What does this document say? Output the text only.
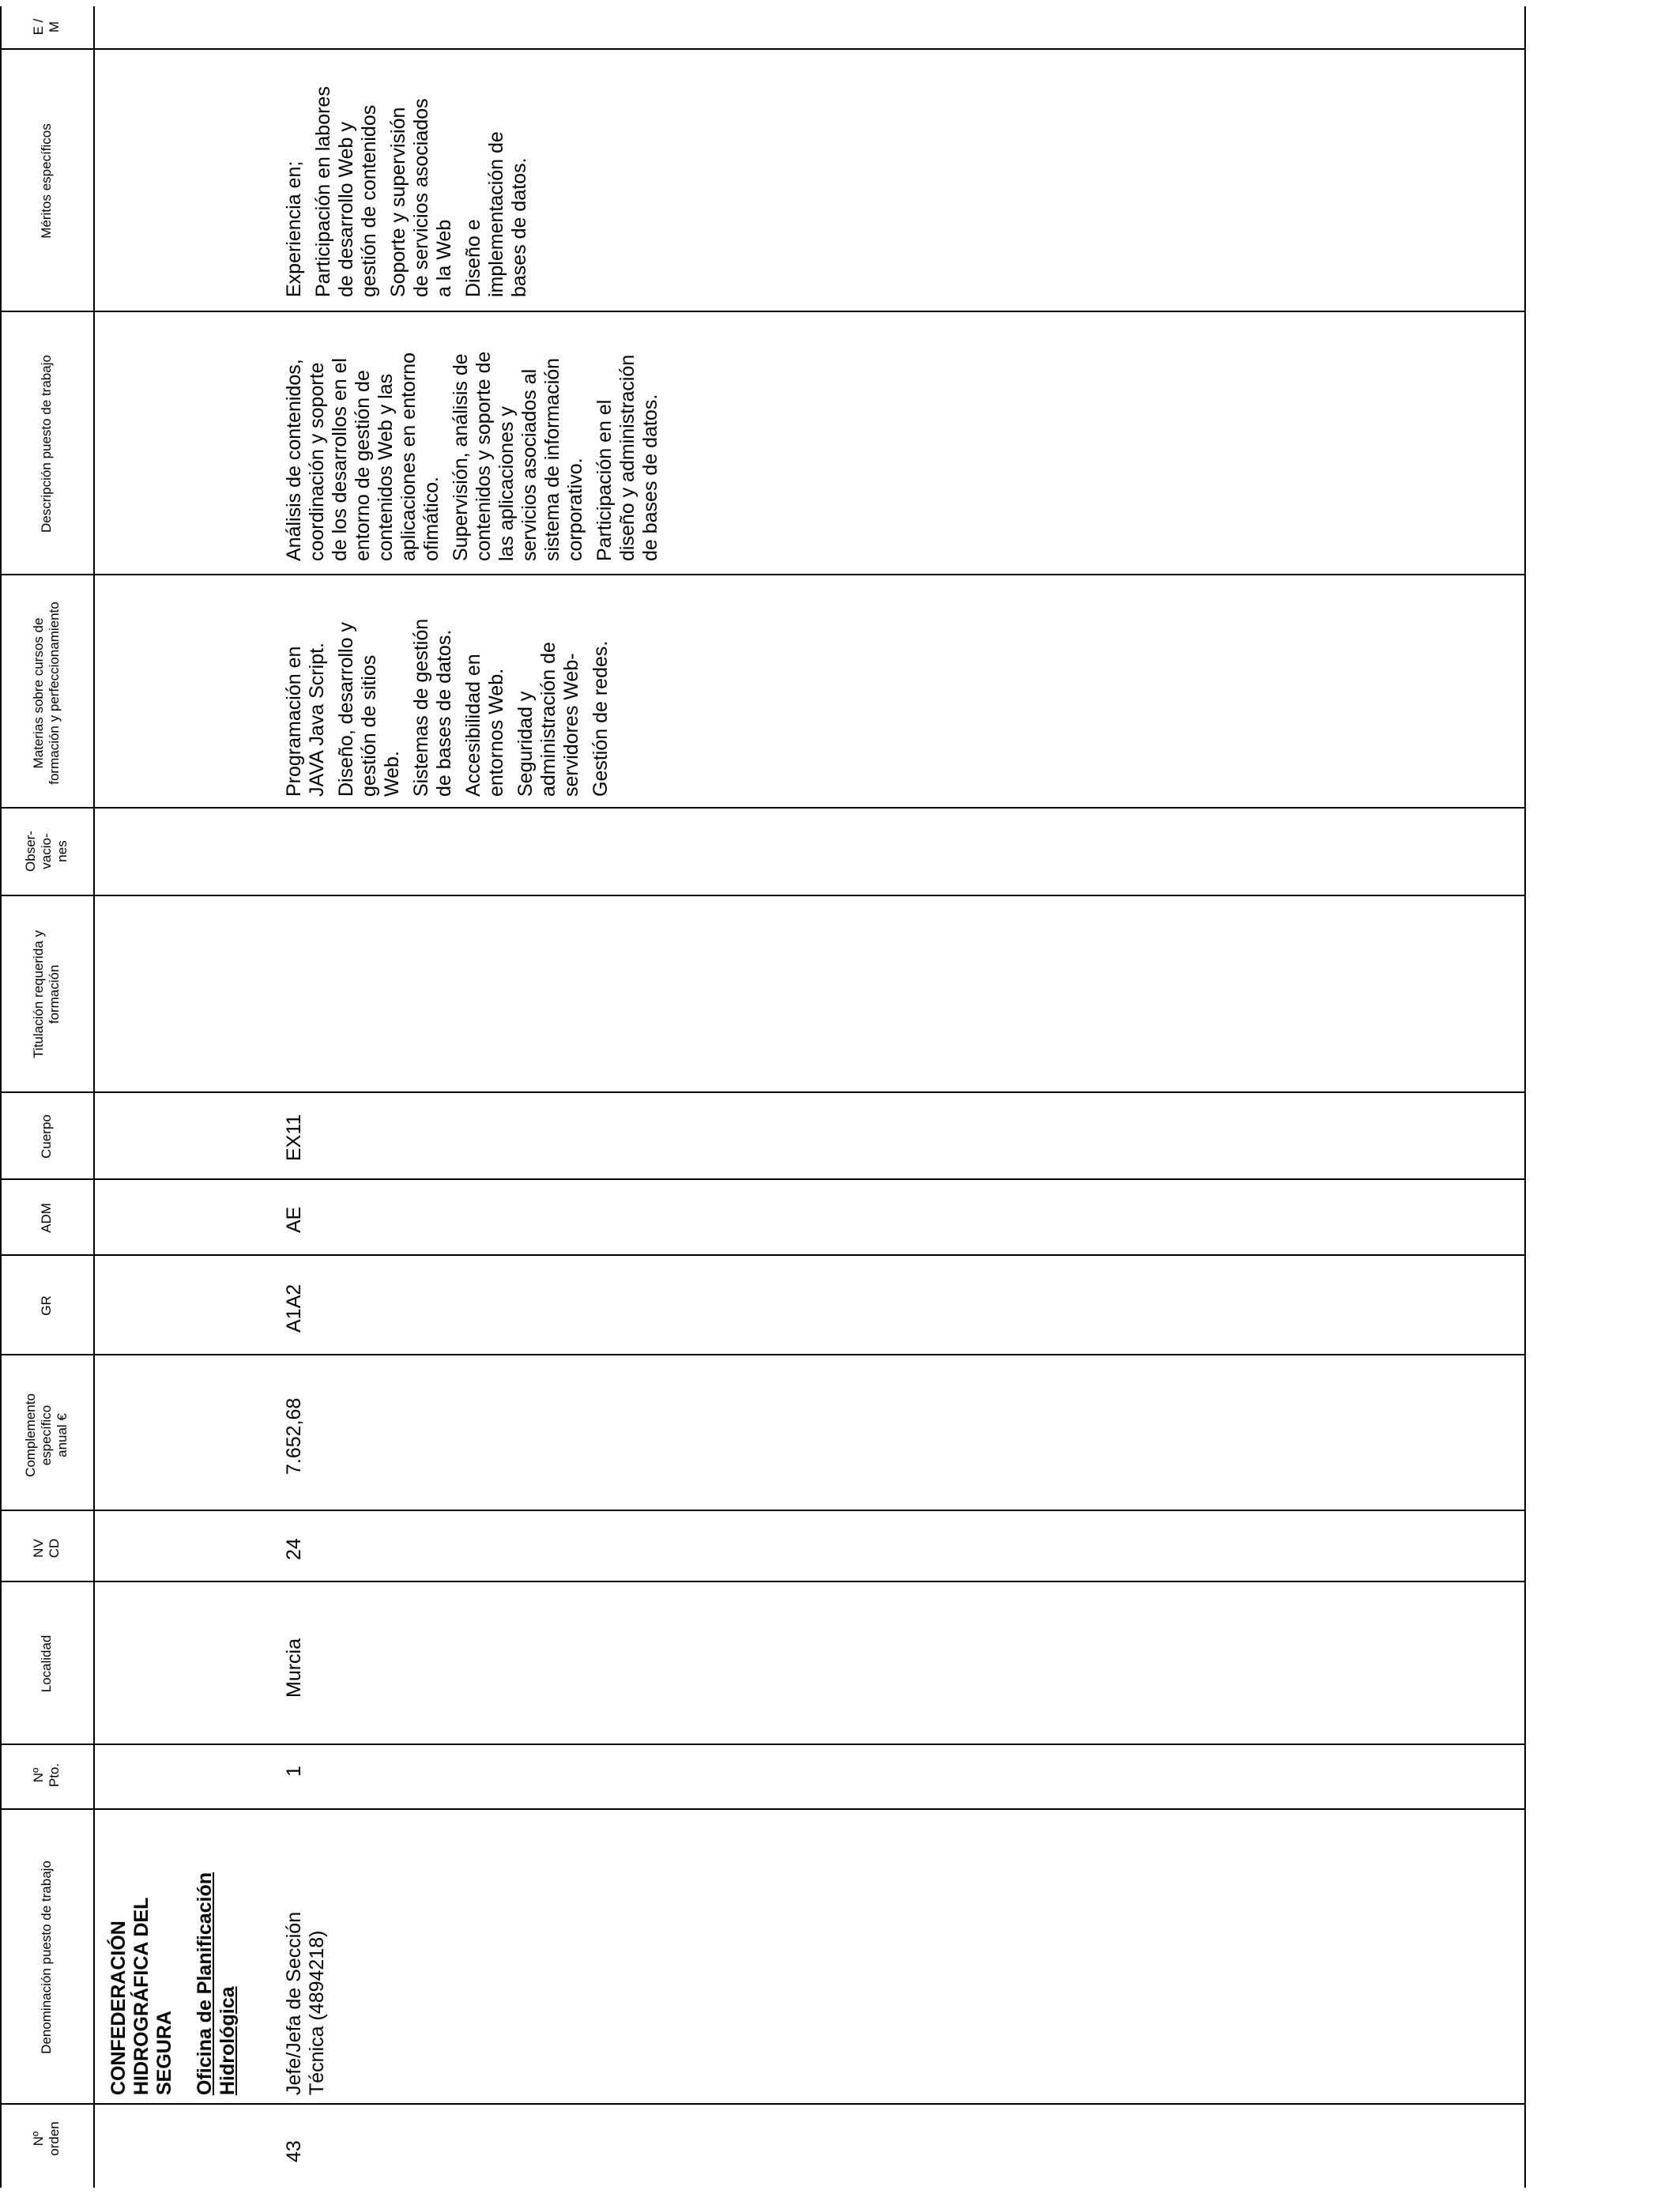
Nº orden
Denominación puesto de trabajo
Nº Pto.
Localidad
NV CD
Complemento específico anual €
GR
ADM
Cuerpo
Titulación requerida y formación
Obser- vacio- nes
Materias sobre cursos de formación y perfeccionamiento
Descripción puesto de trabajo
Méritos específicos
E / M
CONFEDERACIÓN HIDROGRÁFICA DEL SEGURA Oficina de Planificación Hidrológica
43
Jefe/Jefa de Sección Técnica (4894218)
1
Murcia
24
7.652,68
A1A2
AE
EX11

Programación en JAVA Java Script. Diseño, desarrollo y gestión de sitios Web. Sistemas de gestión de bases de datos. Accesibilidad en entornos Web. Seguridad y administración de servidores Web- Gestión de redes.

Análisis de contenidos, coordinación y soporte de los desarrollos en el entorno de gestión de contenidos Web y las aplicaciones en entorno ofimático. Supervisión, análisis de contenidos y soporte de las aplicaciones y servicios asociados al sistema de información corporativo. Participación en el diseño y administración de bases de datos.

Experiencia en; Participación en labores de desarrollo Web y gestión de contenidos Soporte y supervisión de servicios asociados a la Web Diseño e implementación de bases de datos.
